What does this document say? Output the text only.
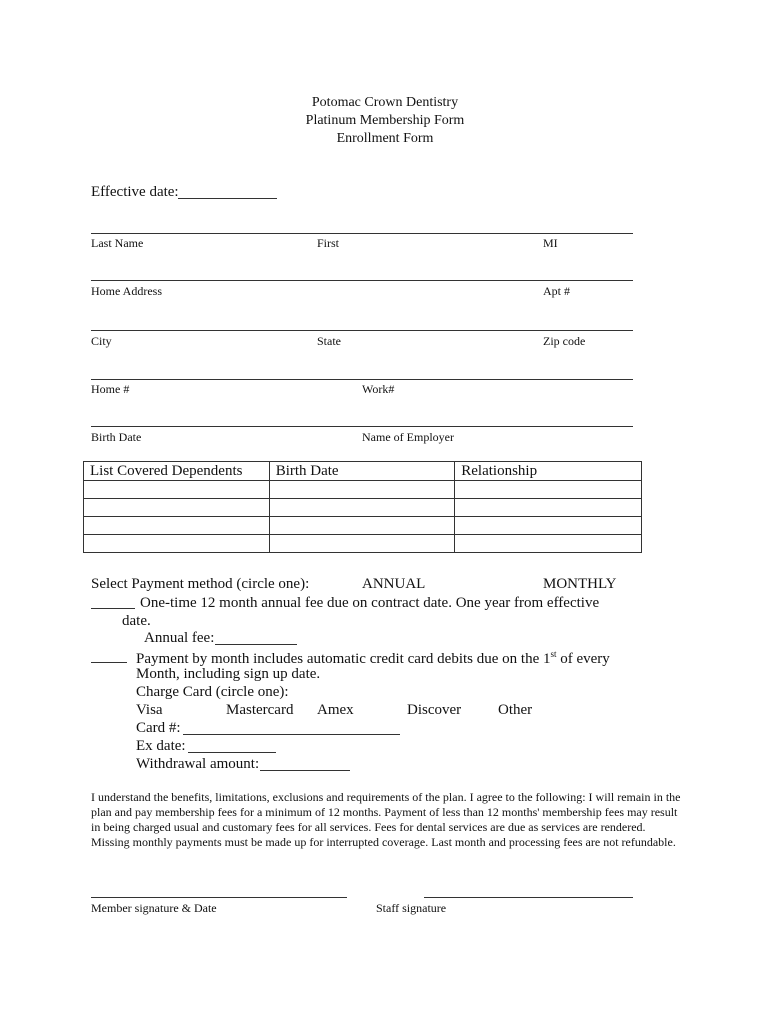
Potomac Crown Dentistry
Platinum Membership Form
Enrollment Form
Effective date:
Last Name	First	MI
Home Address	Apt #
City	State	Zip code
Home #	Work#
Birth Date	Name of Employer
List Covered Dependents	Birth Date	Relationship

Select Payment method (circle one):	ANNUAL	MONTHLY
One-time 12 month annual fee due on contract date. One year from effective
date.
Annual fee:
Payment by month includes automatic credit card debits due on the 1st of every
Month, including sign up date.
Charge Card (circle one):
Visa	Mastercard Amex	Discover Other
Card #:
Ex date:
Withdrawal amount:
I understand the benefits, limitations, exclusions and requirements of the plan. I agree to the following: I will remain in the plan and pay membership fees for a minimum of 12 months. Payment of less than 12 months' membership fees may result in being charged usual and customary fees for all services. Fees for dental services are due as services are rendered. Missing monthly payments must be made up for interrupted coverage. Last month and processing fees are not refundable.
Member signature & Date	Staff signature
